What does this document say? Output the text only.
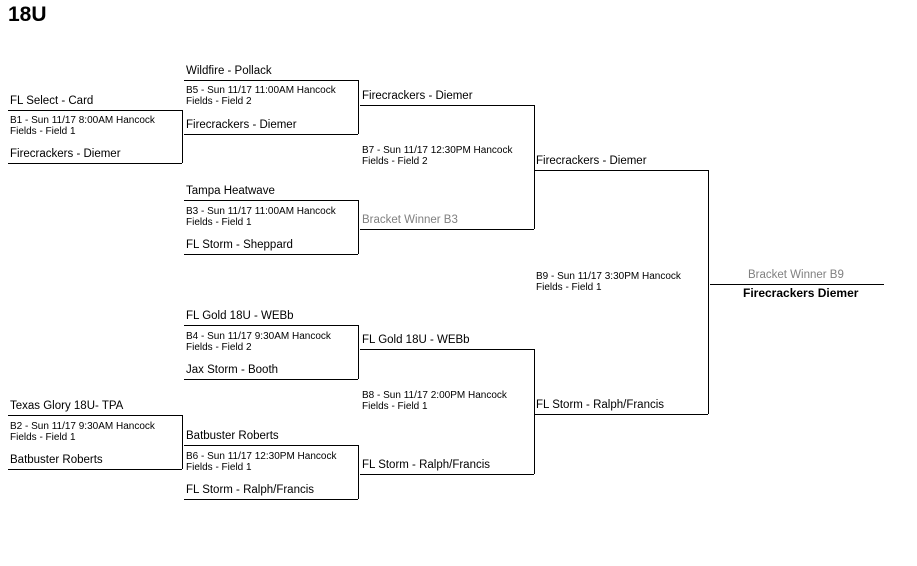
18U
FL Select - Card
B1 - Sun 11/17 8:00AM Hancock
Fields - Field 1
Firecrackers - Diemer
Wildfire - Pollack
B5 - Sun 11/17 11:00AM Hancock
Fields - Field 2
Firecrackers - Diemer
Tampa Heatwave
B3 - Sun 11/17 11:00AM Hancock
Fields - Field 1
FL Storm - Sheppard
FL Gold 18U - WEBb
B4 - Sun 11/17 9:30AM Hancock
Fields - Field 2
Jax Storm - Booth
Texas Glory 18U- TPA
B2 - Sun 11/17 9:30AM Hancock
Fields - Field 1
Batbuster Roberts
Batbuster Roberts
B6 - Sun 11/17 12:30PM Hancock
Fields - Field 1
FL Storm - Ralph/Francis
Firecrackers - Diemer
B7 - Sun 11/17 12:30PM Hancock
Fields - Field 2
Bracket Winner B3
FL Gold 18U - WEBb
B8 - Sun 11/17 2:00PM Hancock
Fields - Field 1
FL Storm - Ralph/Francis
Firecrackers - Diemer
B9 - Sun 11/17 3:30PM Hancock
Fields - Field 1
FL Storm - Ralph/Francis
Bracket Winner B9
Firecrackers Diemer
